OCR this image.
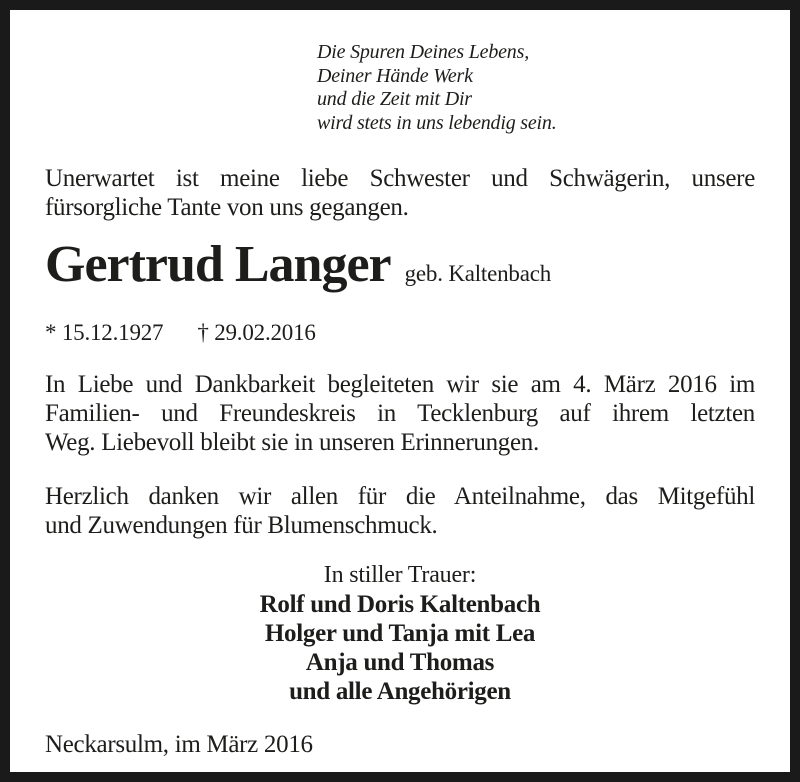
Die Spuren Deines Lebens,
Deiner Hände Werk
und die Zeit mit Dir
wird stets in uns lebendig sein.
Unerwartet ist meine liebe Schwester und Schwägerin, unsere
fürsorgliche Tante von uns gegangen.
Gertrud Langer geb. Kaltenbach
* 15.12.1927 † 29.02.2016
In Liebe und Dankbarkeit begleiteten wir sie am 4. März 2016 im
Familien- und Freundeskreis in Tecklenburg auf ihrem letzten
Weg. Liebevoll bleibt sie in unseren Erinnerungen.
Herzlich danken wir allen für die Anteilnahme, das Mitgefühl
und Zuwendungen für Blumenschmuck.
In stiller Trauer:
Rolf und Doris Kaltenbach
Holger und Tanja mit Lea
Anja und Thomas
und alle Angehörigen
Neckarsulm, im März 2016
